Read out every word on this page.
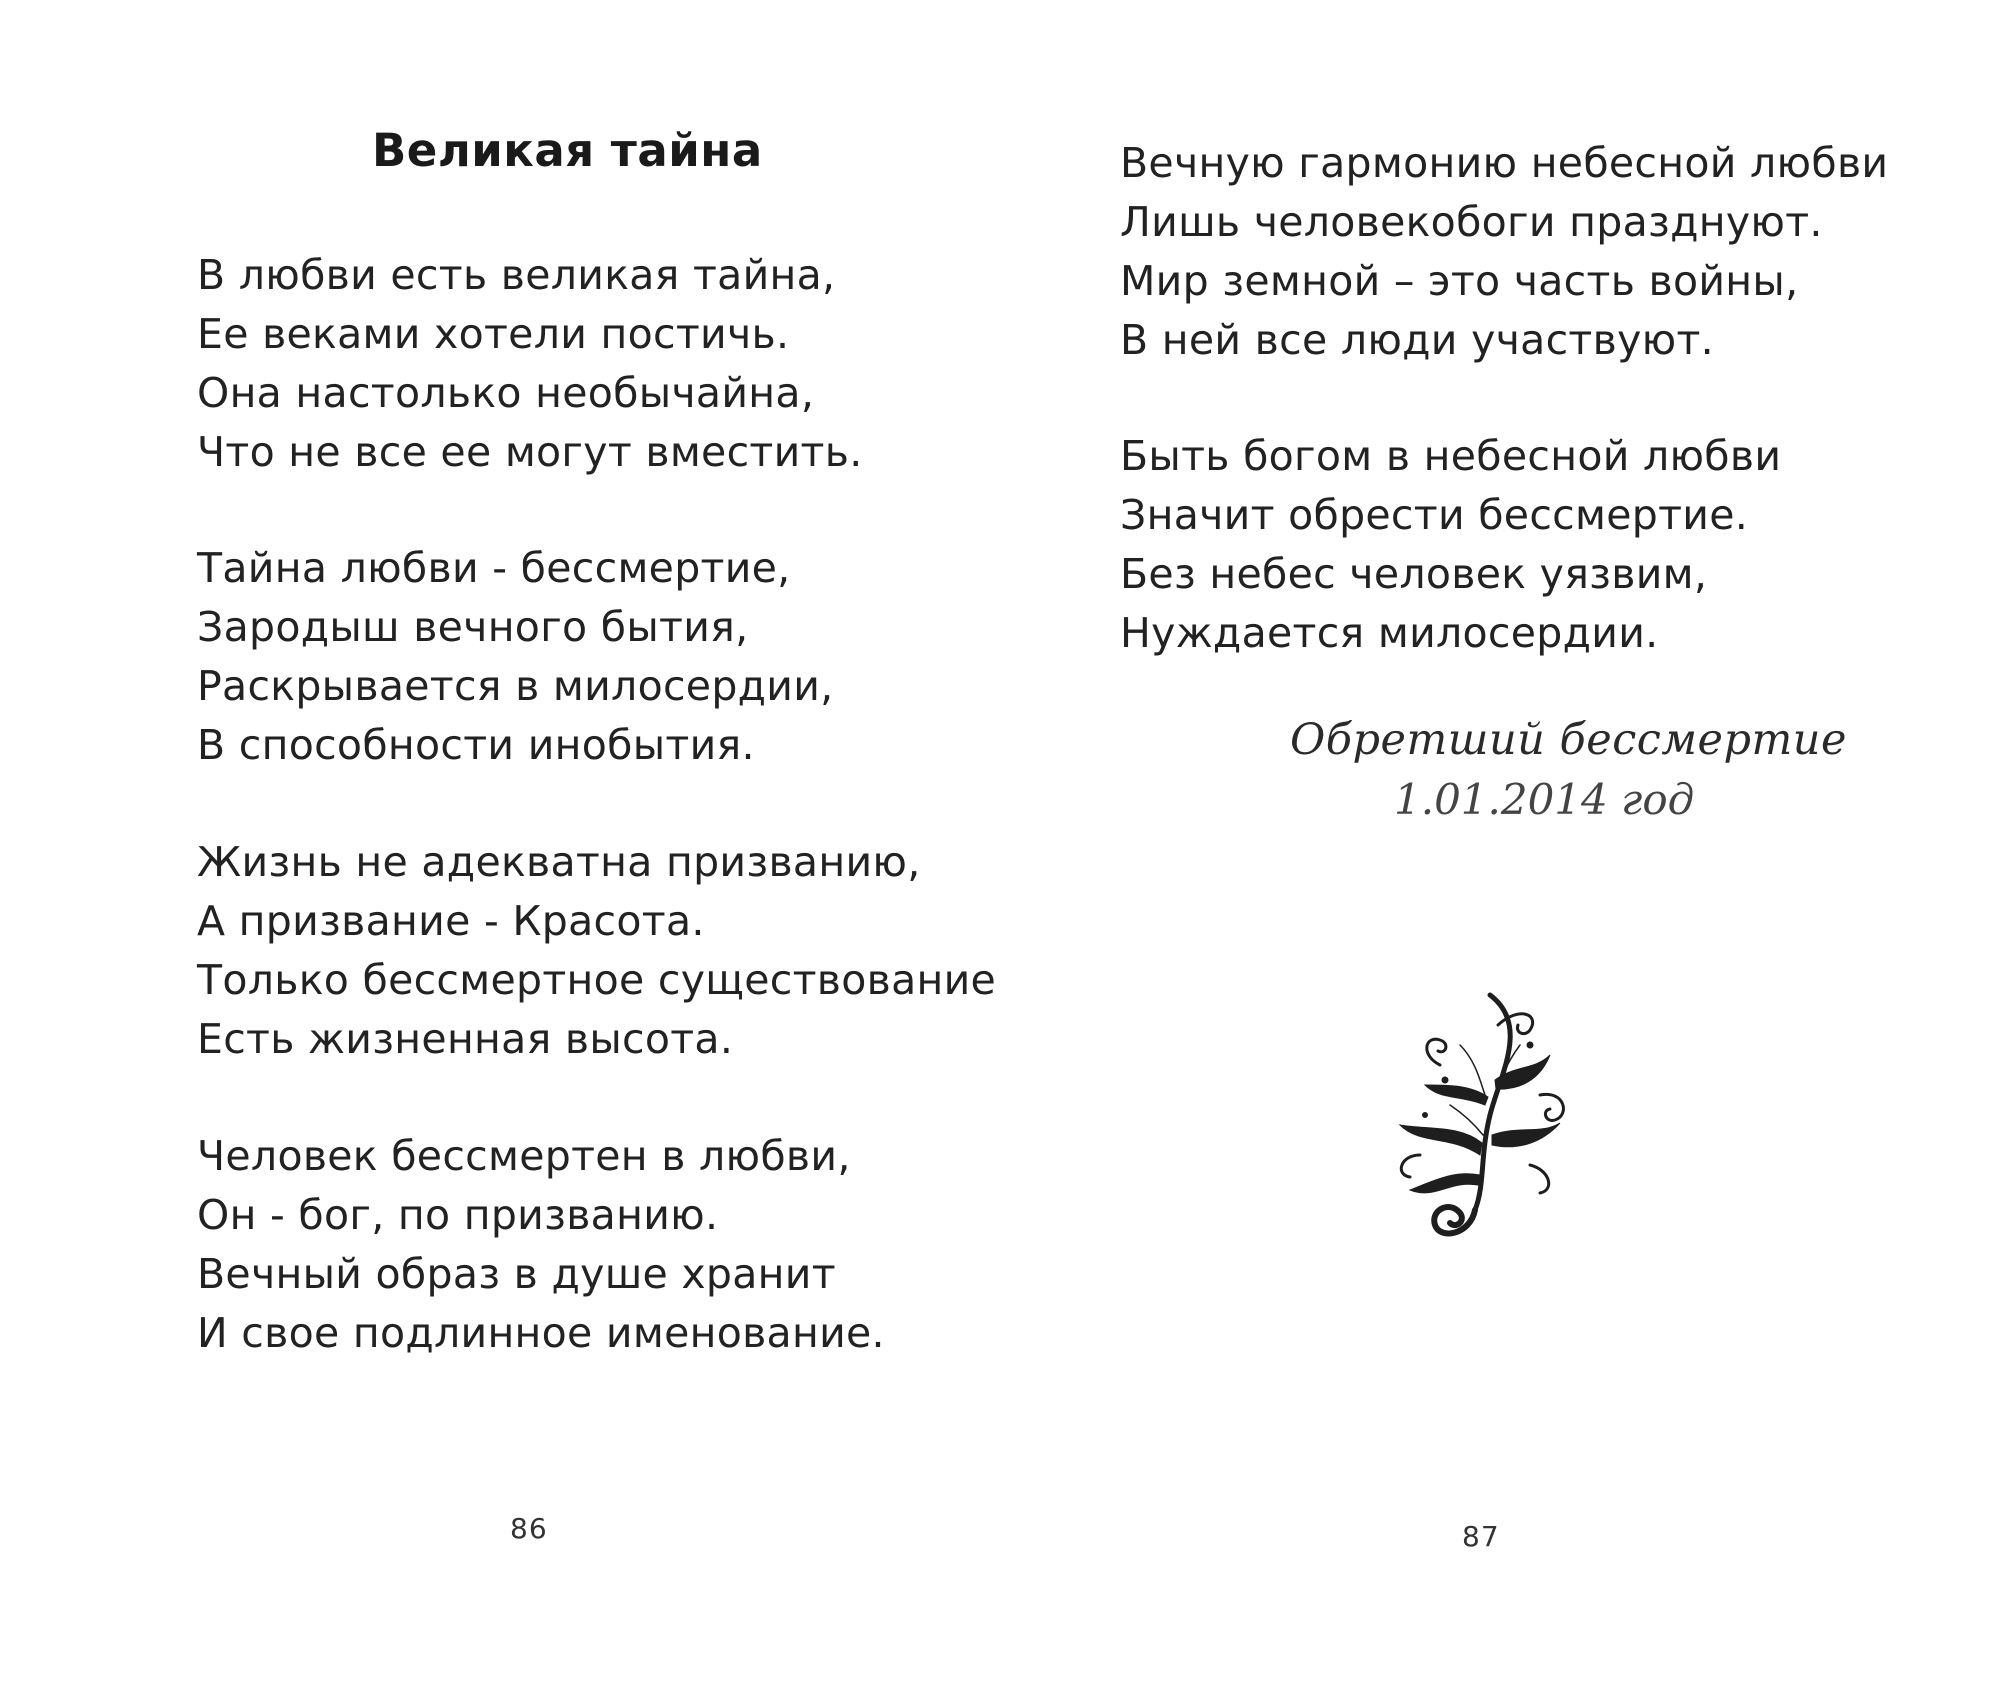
Великая тайна

В любви есть великая тайна,
Ее веками хотели постичь.
Она настолько необычайна,
Что не все ее могут вместить.

Тайна любви - бессмертие,
Зародыш вечного бытия,
Раскрывается в милосердии,
В способности инобытия.

Жизнь не адекватна призванию,
А призвание - Красота.
Только бессмертное существование
Есть жизненная высота.

Человек бессмертен в любви,
Он - бог, по призванию.
Вечный образ в душе хранит
И свое подлинное именование.

86

Вечную гармонию небесной любви
Лишь человекобоги празднуют.
Мир земной – это часть войны,
В ней все люди участвуют.

Быть богом в небесной любви
Значит обрести бессмертие.
Без небес человек уязвим,
Нуждается милосердии.

Обретший бессмертие
1.01.2014 год
87
